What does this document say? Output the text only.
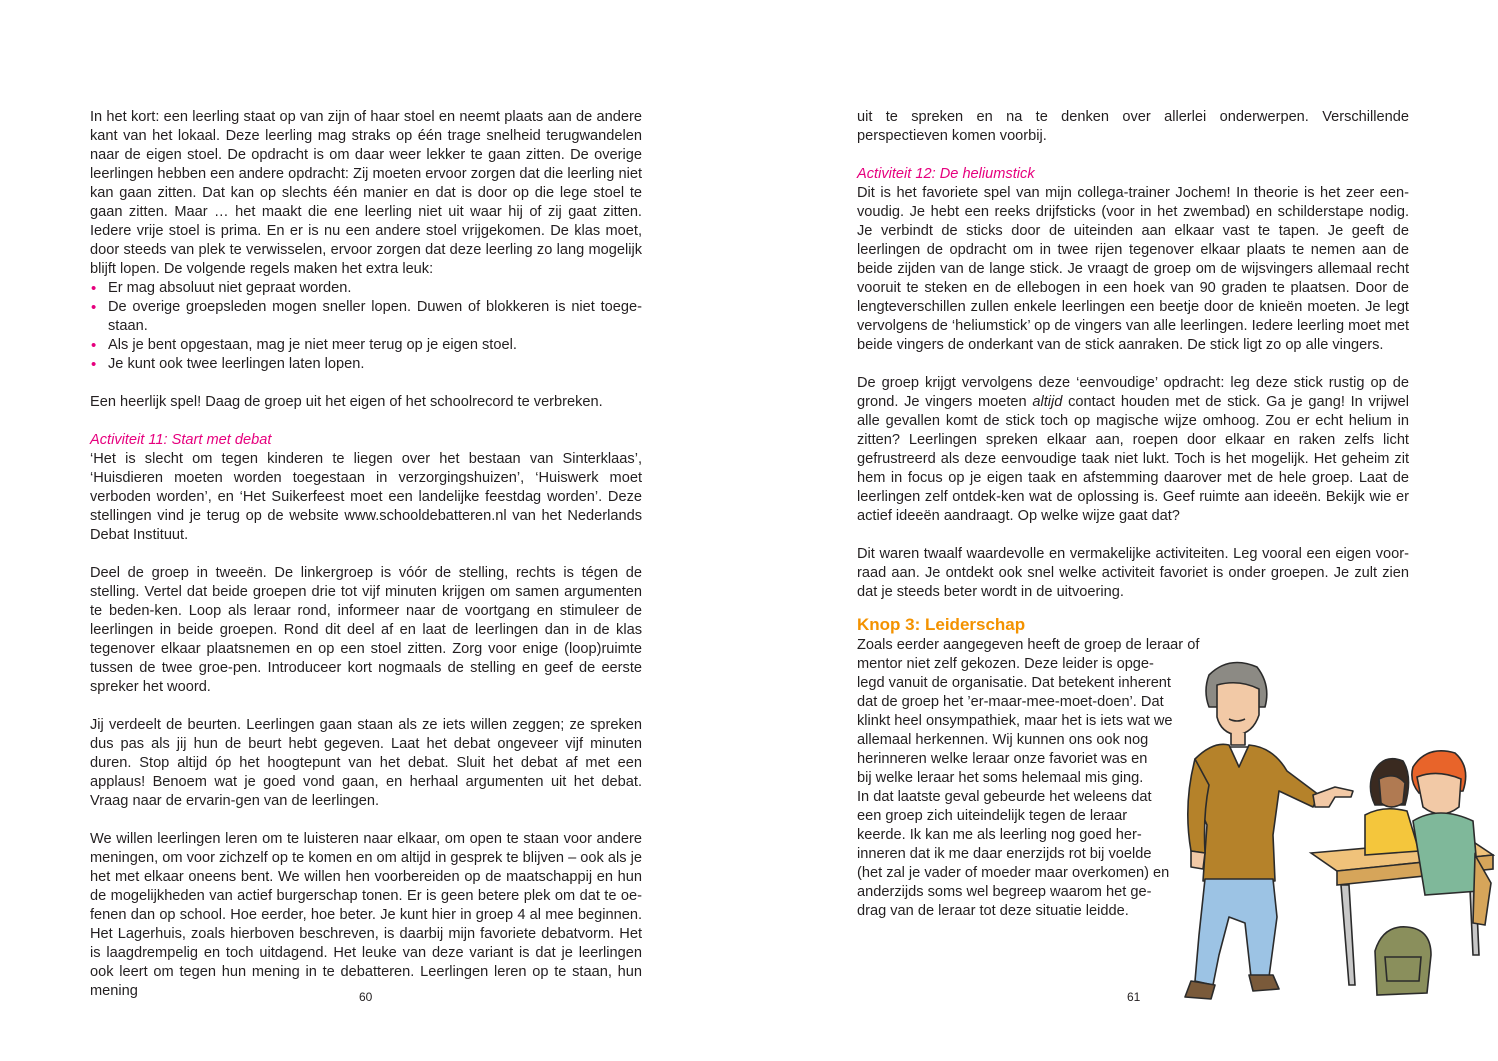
In het kort: een leerling staat op van zijn of haar stoel en neemt plaats aan de andere kant van het lokaal. Deze leerling mag straks op één trage snelheid terugwandelen naar de eigen stoel. De opdracht is om daar weer lekker te gaan zitten. De overige leerlingen hebben een andere opdracht: Zij moeten ervoor zorgen dat die leerling niet kan gaan zitten. Dat kan op slechts één manier en dat is door op die lege stoel te gaan zitten. Maar … het maakt die ene leerling niet uit waar hij of zij gaat zitten. Iedere vrije stoel is prima. En er is nu een andere stoel vrijgekomen. De klas moet, door steeds van plek te verwisselen, ervoor zorgen dat deze leerling zo lang mogelijk blijft lopen. De volgende regels maken het extra leuk:

• Er mag absoluut niet gepraat worden.
• De overige groepsleden mogen sneller lopen. Duwen of blokkeren is niet toege-staan.
• Als je bent opgestaan, mag je niet meer terug op je eigen stoel.
• Je kunt ook twee leerlingen laten lopen.

Een heerlijk spel! Daag de groep uit het eigen of het schoolrecord te verbreken.

Activiteit 11: Start met debat

‘Het is slecht om tegen kinderen te liegen over het bestaan van Sinterklaas’, ‘Huisdieren moeten worden toegestaan in verzorgingshuizen’, ‘Huiswerk moet verboden worden’, en ‘Het Suikerfeest moet een landelijke feestdag worden’. Deze stellingen vind je terug op de website www.schooldebatteren.nl van het Nederlands Debat Instituut.

Deel de groep in tweeën. De linkergroep is vóór de stelling, rechts is tégen de stelling. Vertel dat beide groepen drie tot vijf minuten krijgen om samen argumenten te beden-ken. Loop als leraar rond, informeer naar de voortgang en stimuleer de leerlingen in beide groepen. Rond dit deel af en laat de leerlingen dan in de klas tegenover elkaar plaatsnemen en op een stoel zitten. Zorg voor enige (loop)ruimte tussen de twee groe-pen. Introduceer kort nogmaals de stelling en geef de eerste spreker het woord.

Jij verdeelt de beurten. Leerlingen gaan staan als ze iets willen zeggen; ze spreken dus pas als jij hun de beurt hebt gegeven. Laat het debat ongeveer vijf minuten duren. Stop altijd óp het hoogtepunt van het debat. Sluit het debat af met een applaus! Benoem wat je goed vond gaan, en herhaal argumenten uit het debat. Vraag naar de ervarin-gen van de leerlingen.

We willen leerlingen leren om te luisteren naar elkaar, om open te staan voor andere meningen, om voor zichzelf op te komen en om altijd in gesprek te blijven – ook als je het met elkaar oneens bent. We willen hen voorbereiden op de maatschappij en hun de mogelijkheden van actief burgerschap tonen. Er is geen betere plek om dat te oe-fenen dan op school. Hoe eerder, hoe beter. Je kunt hier in groep 4 al mee beginnen. Het Lagerhuis, zoals hierboven beschreven, is daarbij mijn favoriete debatvorm. Het is laagdrempelig en toch uitdagend. Het leuke van deze variant is dat je leerlingen ook leert om tegen hun mening in te debatteren. Leerlingen leren op te staan, hun mening	60

uit te spreken en na te denken over allerlei onderwerpen. Verschillende perspectieven komen voorbij.

Activiteit 12: De heliumstick

Dit is het favoriete spel van mijn collega-trainer Jochem! In theorie is het zeer een-voudig. Je hebt een reeks drijfsticks (voor in het zwembad) en schilderstape nodig. Je verbindt de sticks door de uiteinden aan elkaar vast te tapen. Je geeft de leerlingen de opdracht om in twee rijen tegenover elkaar plaats te nemen aan de beide zijden van de lange stick. Je vraagt de groep om de wijsvingers allemaal recht vooruit te steken en de ellebogen in een hoek van 90 graden te plaatsen. Door de lengteverschillen zullen enkele leerlingen een beetje door de knieën moeten. Je legt vervolgens de ‘heliumstick’ op de vingers van alle leerlingen. Iedere leerling moet met beide vingers de onderkant van de stick aanraken. De stick ligt zo op alle vingers.

De groep krijgt vervolgens deze ‘eenvoudige’ opdracht: leg deze stick rustig op de grond. Je vingers moeten altijd contact houden met de stick. Ga je gang! In vrijwel alle gevallen komt de stick toch op magische wijze omhoog. Zou er echt helium in zitten? Leerlingen spreken elkaar aan, roepen door elkaar en raken zelfs licht gefrustreerd als deze eenvoudige taak niet lukt. Toch is het mogelijk. Het geheim zit hem in focus op je eigen taak en afstemming daarover met de hele groep. Laat de leerlingen zelf ontdek-ken wat de oplossing is. Geef ruimte aan ideeën. Bekijk wie er actief ideeën aandraagt. Op welke wijze gaat dat?

Dit waren twaalf waardevolle en vermakelijke activiteiten. Leg vooral een eigen voor-raad aan. Je ontdekt ook snel welke activiteit favoriet is onder groepen. Je zult zien dat je steeds beter wordt in de uitvoering.

Knop 3: Leiderschap

Zoals eerder aangegeven heeft de groep de leraar of
mentor niet zelf gekozen. Deze leider is opge-
legd vanuit de organisatie. Dat betekent inherent
dat de groep het ’er-maar-mee-moet-doen’. Dat
klinkt heel onsympathiek, maar het is iets wat we
allemaal herkennen. Wij kunnen ons ook nog
herinneren welke leraar onze favoriet was en
bij welke leraar het soms helemaal mis ging.
In dat laatste geval gebeurde het weleens dat
een groep zich uiteindelijk tegen de leraar
keerde. Ik kan me als leerling nog goed her-
inneren dat ik me daar enerzijds rot bij voelde
(het zal je vader of moeder maar overkomen) en
anderzijds soms wel begreep waarom het ge-
drag van de leraar tot deze situatie leidde.
61
